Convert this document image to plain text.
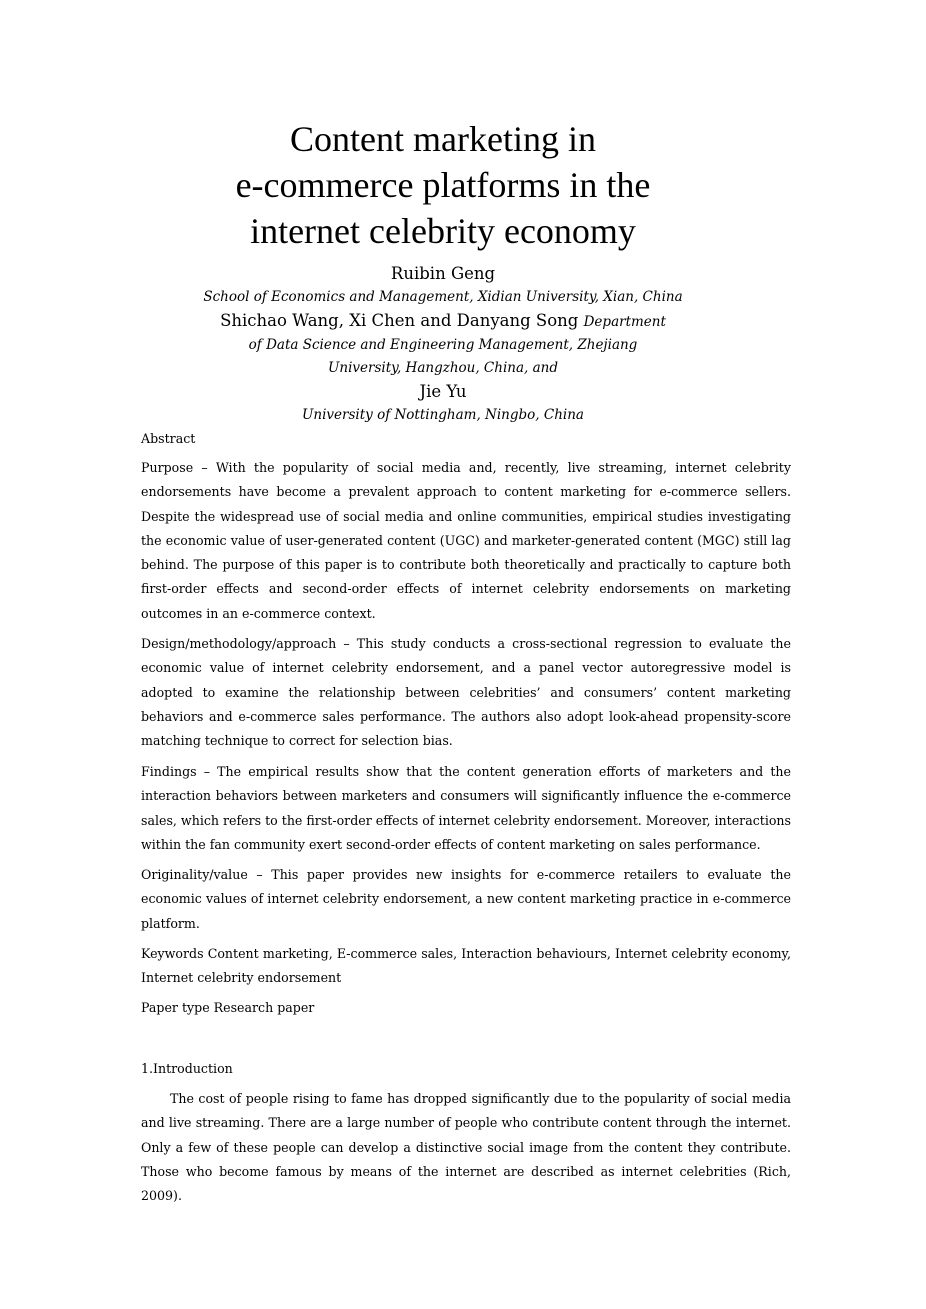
Content marketing in
e-commerce platforms in the
internet celebrity economy
Ruibin Geng
School of Economics and Management, Xidian University, Xian, China
Shichao Wang, Xi Chen and Danyang Song Department
of Data Science and Engineering Management, Zhejiang
University, Hangzhou, China, and
Jie Yu
University of Nottingham, Ningbo, China

Abstract

Purpose – With the popularity of social media and, recently, live streaming, internet celebrity endorsements have become a prevalent approach to content marketing for e-commerce sellers. Despite the widespread use of social media and online communities, empirical studies investigating the economic value of user-generated content (UGC) and marketer-generated content (MGC) still lag behind. The purpose of this paper is to contribute both theoretically and practically to capture both first-order effects and second-order effects of internet celebrity endorsements on marketing outcomes in an e-commerce context.

Design/methodology/approach – This study conducts a cross-sectional regression to evaluate the economic value of internet celebrity endorsement, and a panel vector autoregressive model is adopted to examine the relationship between celebrities’ and consumers’ content marketing behaviors and e-commerce sales performance. The authors also adopt look-ahead propensity-score matching technique to correct for selection bias.

Findings – The empirical results show that the content generation efforts of marketers and the interaction behaviors between marketers and consumers will significantly influence the e-commerce sales, which refers to the first-order effects of internet celebrity endorsement. Moreover, interactions within the fan community exert second-order effects of content marketing on sales performance.

Originality/value – This paper provides new insights for e-commerce retailers to evaluate the economic values of internet celebrity endorsement, a new content marketing practice in e-commerce platform.

Keywords Content marketing, E-commerce sales, Interaction behaviours, Internet celebrity economy, Internet celebrity endorsement

Paper type Research paper

1.Introduction

The cost of people rising to fame has dropped significantly due to the popularity of social media and live streaming. There are a large number of people who contribute content through the internet. Only a few of these people can develop a distinctive social image from the content they contribute. Those who become famous by means of the internet are described as internet celebrities (Rich, 2009).
